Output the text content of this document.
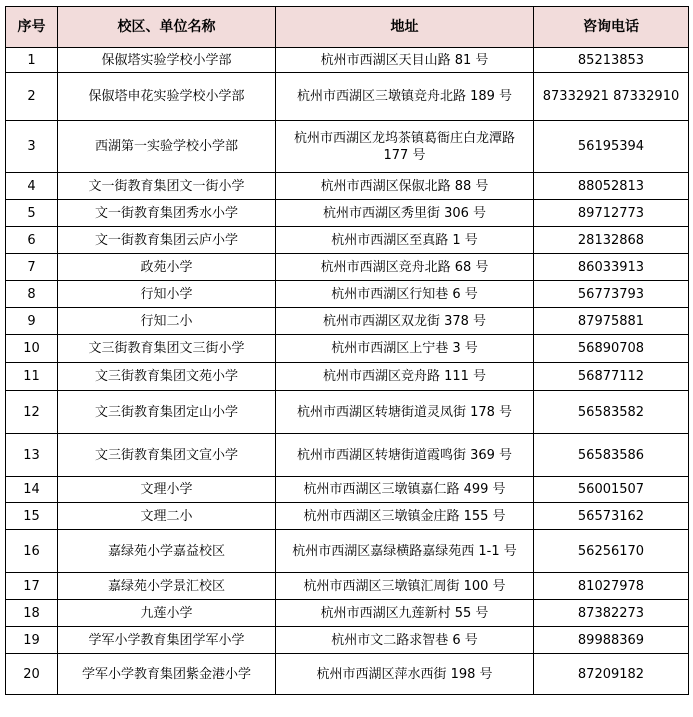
序号	校区、单位名称	地址	咨询电话
1	保俶塔实验学校小学部	杭州市西湖区天目山路 81 号	85213853
2	保俶塔申花实验学校小学部	杭州市西湖区三墩镇竞舟北路 189 号	87332921 87332910
3	西湖第一实验学校小学部	杭州市西湖区龙坞茶镇葛衙庄白龙潭路 177 号	56195394
4	文一街教育集团文一街小学	杭州市西湖区保俶北路 88 号	88052813
5	文一街教育集团秀水小学	杭州市西湖区秀里街 306 号	89712773
6	文一街教育集团云庐小学	杭州市西湖区至真路 1 号	28132868
7	政苑小学	杭州市西湖区竞舟北路 68 号	86033913
8	行知小学	杭州市西湖区行知巷 6 号	56773793
9	行知二小	杭州市西湖区双龙街 378 号	87975881
10	文三街教育集团文三街小学	杭州市西湖区上宁巷 3 号	56890708
11	文三街教育集团文苑小学	杭州市西湖区竞舟路 111 号	56877112
12	文三街教育集团定山小学	杭州市西湖区转塘街道灵凤街 178 号	56583582
13	文三街教育集团文宣小学	杭州市西湖区转塘街道霞鸣街 369 号	56583586
14	文理小学	杭州市西湖区三墩镇嘉仁路 499 号	56001507
15	文理二小	杭州市西湖区三墩镇金庄路 155 号	56573162
16	嘉绿苑小学嘉益校区	杭州市西湖区嘉绿横路嘉绿苑西 1-1 号	56256170
17	嘉绿苑小学景汇校区	杭州市西湖区三墩镇汇周街 100 号	81027978
18	九莲小学	杭州市西湖区九莲新村 55 号	87382273
19	学军小学教育集团学军小学	杭州市文二路求智巷 6 号	89988369
20	学军小学教育集团紫金港小学	杭州市西湖区萍水西街 198 号	87209182
